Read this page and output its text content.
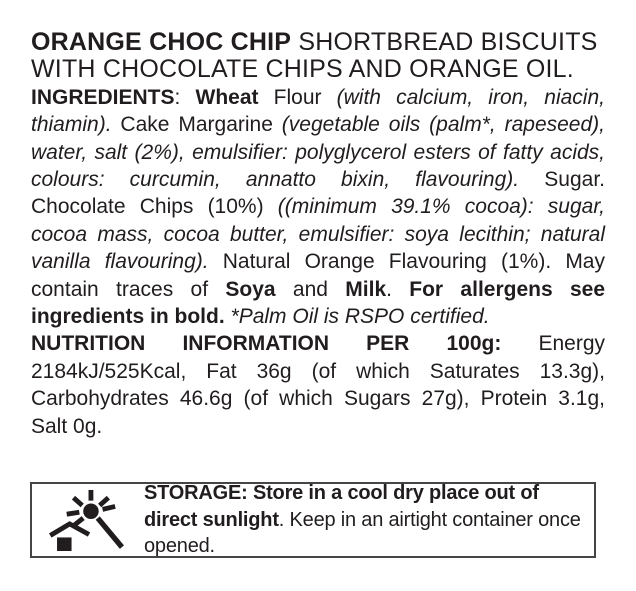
ORANGE CHOC CHIP SHORTBREAD BISCUITS WITH CHOCOLATE CHIPS AND ORANGE OIL.
INGREDIENTS: Wheat Flour (with calcium, iron, niacin, thiamin). Cake Margarine (vegetable oils (palm*, rapeseed), water, salt (2%), emulsifier: polyglycerol esters of fatty acids, colours: curcumin, annatto bixin, flavouring). Sugar. Chocolate Chips (10%) ((minimum 39.1% cocoa): sugar, cocoa mass, cocoa butter, emulsifier: soya lecithin; natural vanilla flavouring). Natural Orange Flavouring (1%). May contain traces of Soya and Milk. For allergens see ingredients in bold. *Palm Oil is RSPO certified.
NUTRITION INFORMATION PER 100g: Energy 2184kJ/525Kcal, Fat 36g (of which Saturates 13.3g), Carbohydrates 46.6g (of which Sugars 27g), Protein 3.1g, Salt 0g.
STORAGE: Store in a cool dry place out of direct sunlight. Keep in an airtight container once opened.
